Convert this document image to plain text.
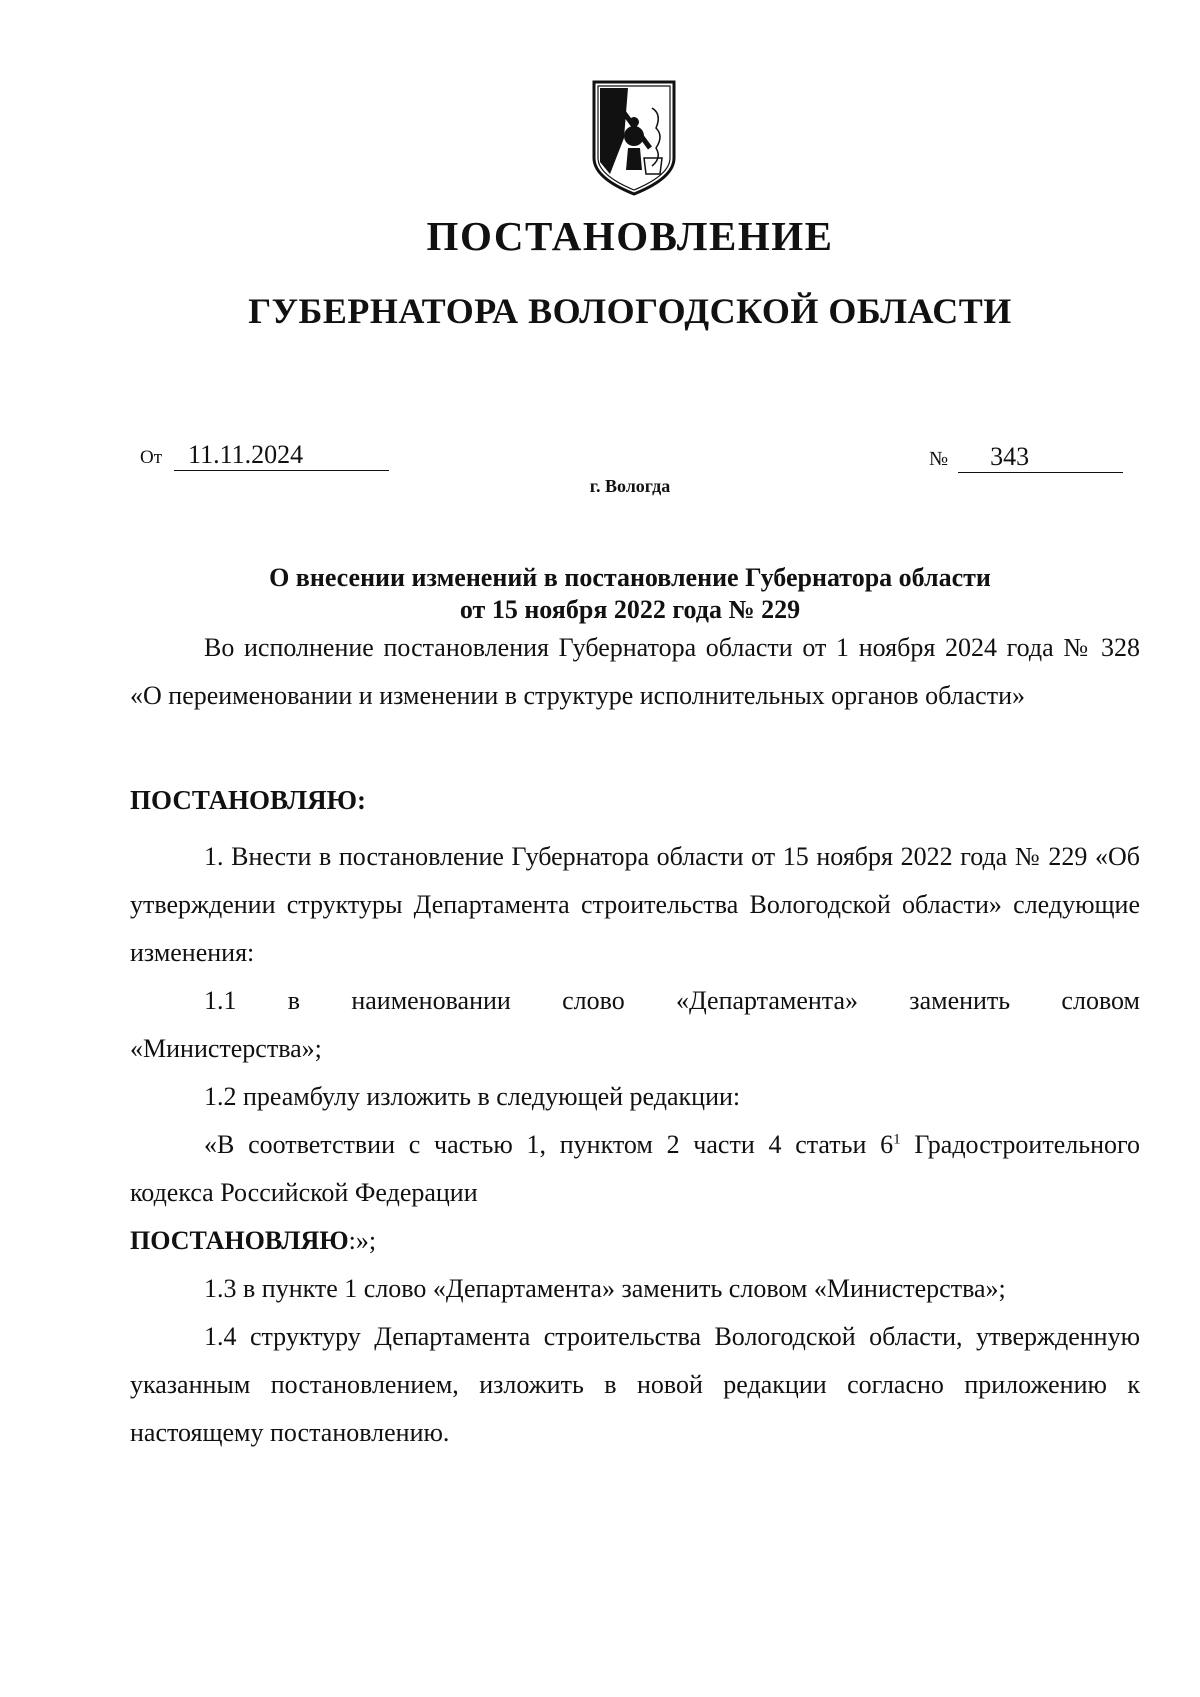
ПОСТАНОВЛЕНИЕ
ГУБЕРНАТОРА ВОЛОГОДСКОЙ ОБЛАСТИ
От 11.11.2024	№ 343
г. Вологда
О внесении изменений в постановление Губернатора области
от 15 ноября 2022 года № 229

Во исполнение постановления Губернатора области от 1 ноября 2024 года № 328 «О переименовании и изменении в структуре исполнительных органов области»

ПОСТАНОВЛЯЮ:

1. Внести в постановление Губернатора области от 15 ноября 2022 года № 229 «Об утверждении структуры Департамента строительства Вологодской области» следующие изменения:

1.1 в наименовании слово «Департамента» заменить словом «Министерства»;

1.2 преамбулу изложить в следующей редакции:

«В соответствии с частью 1, пунктом 2 части 4 статьи $6^1$ Градостроительного кодекса Российской Федерации

ПОСТАНОВЛЯЮ:»;

1.3 в пункте 1 слово «Департамента» заменить словом «Министерства»;

1.4 структуру Департамента строительства Вологодской области, утвержденную указанным постановлением, изложить в новой редакции согласно приложению к настоящему постановлению.
